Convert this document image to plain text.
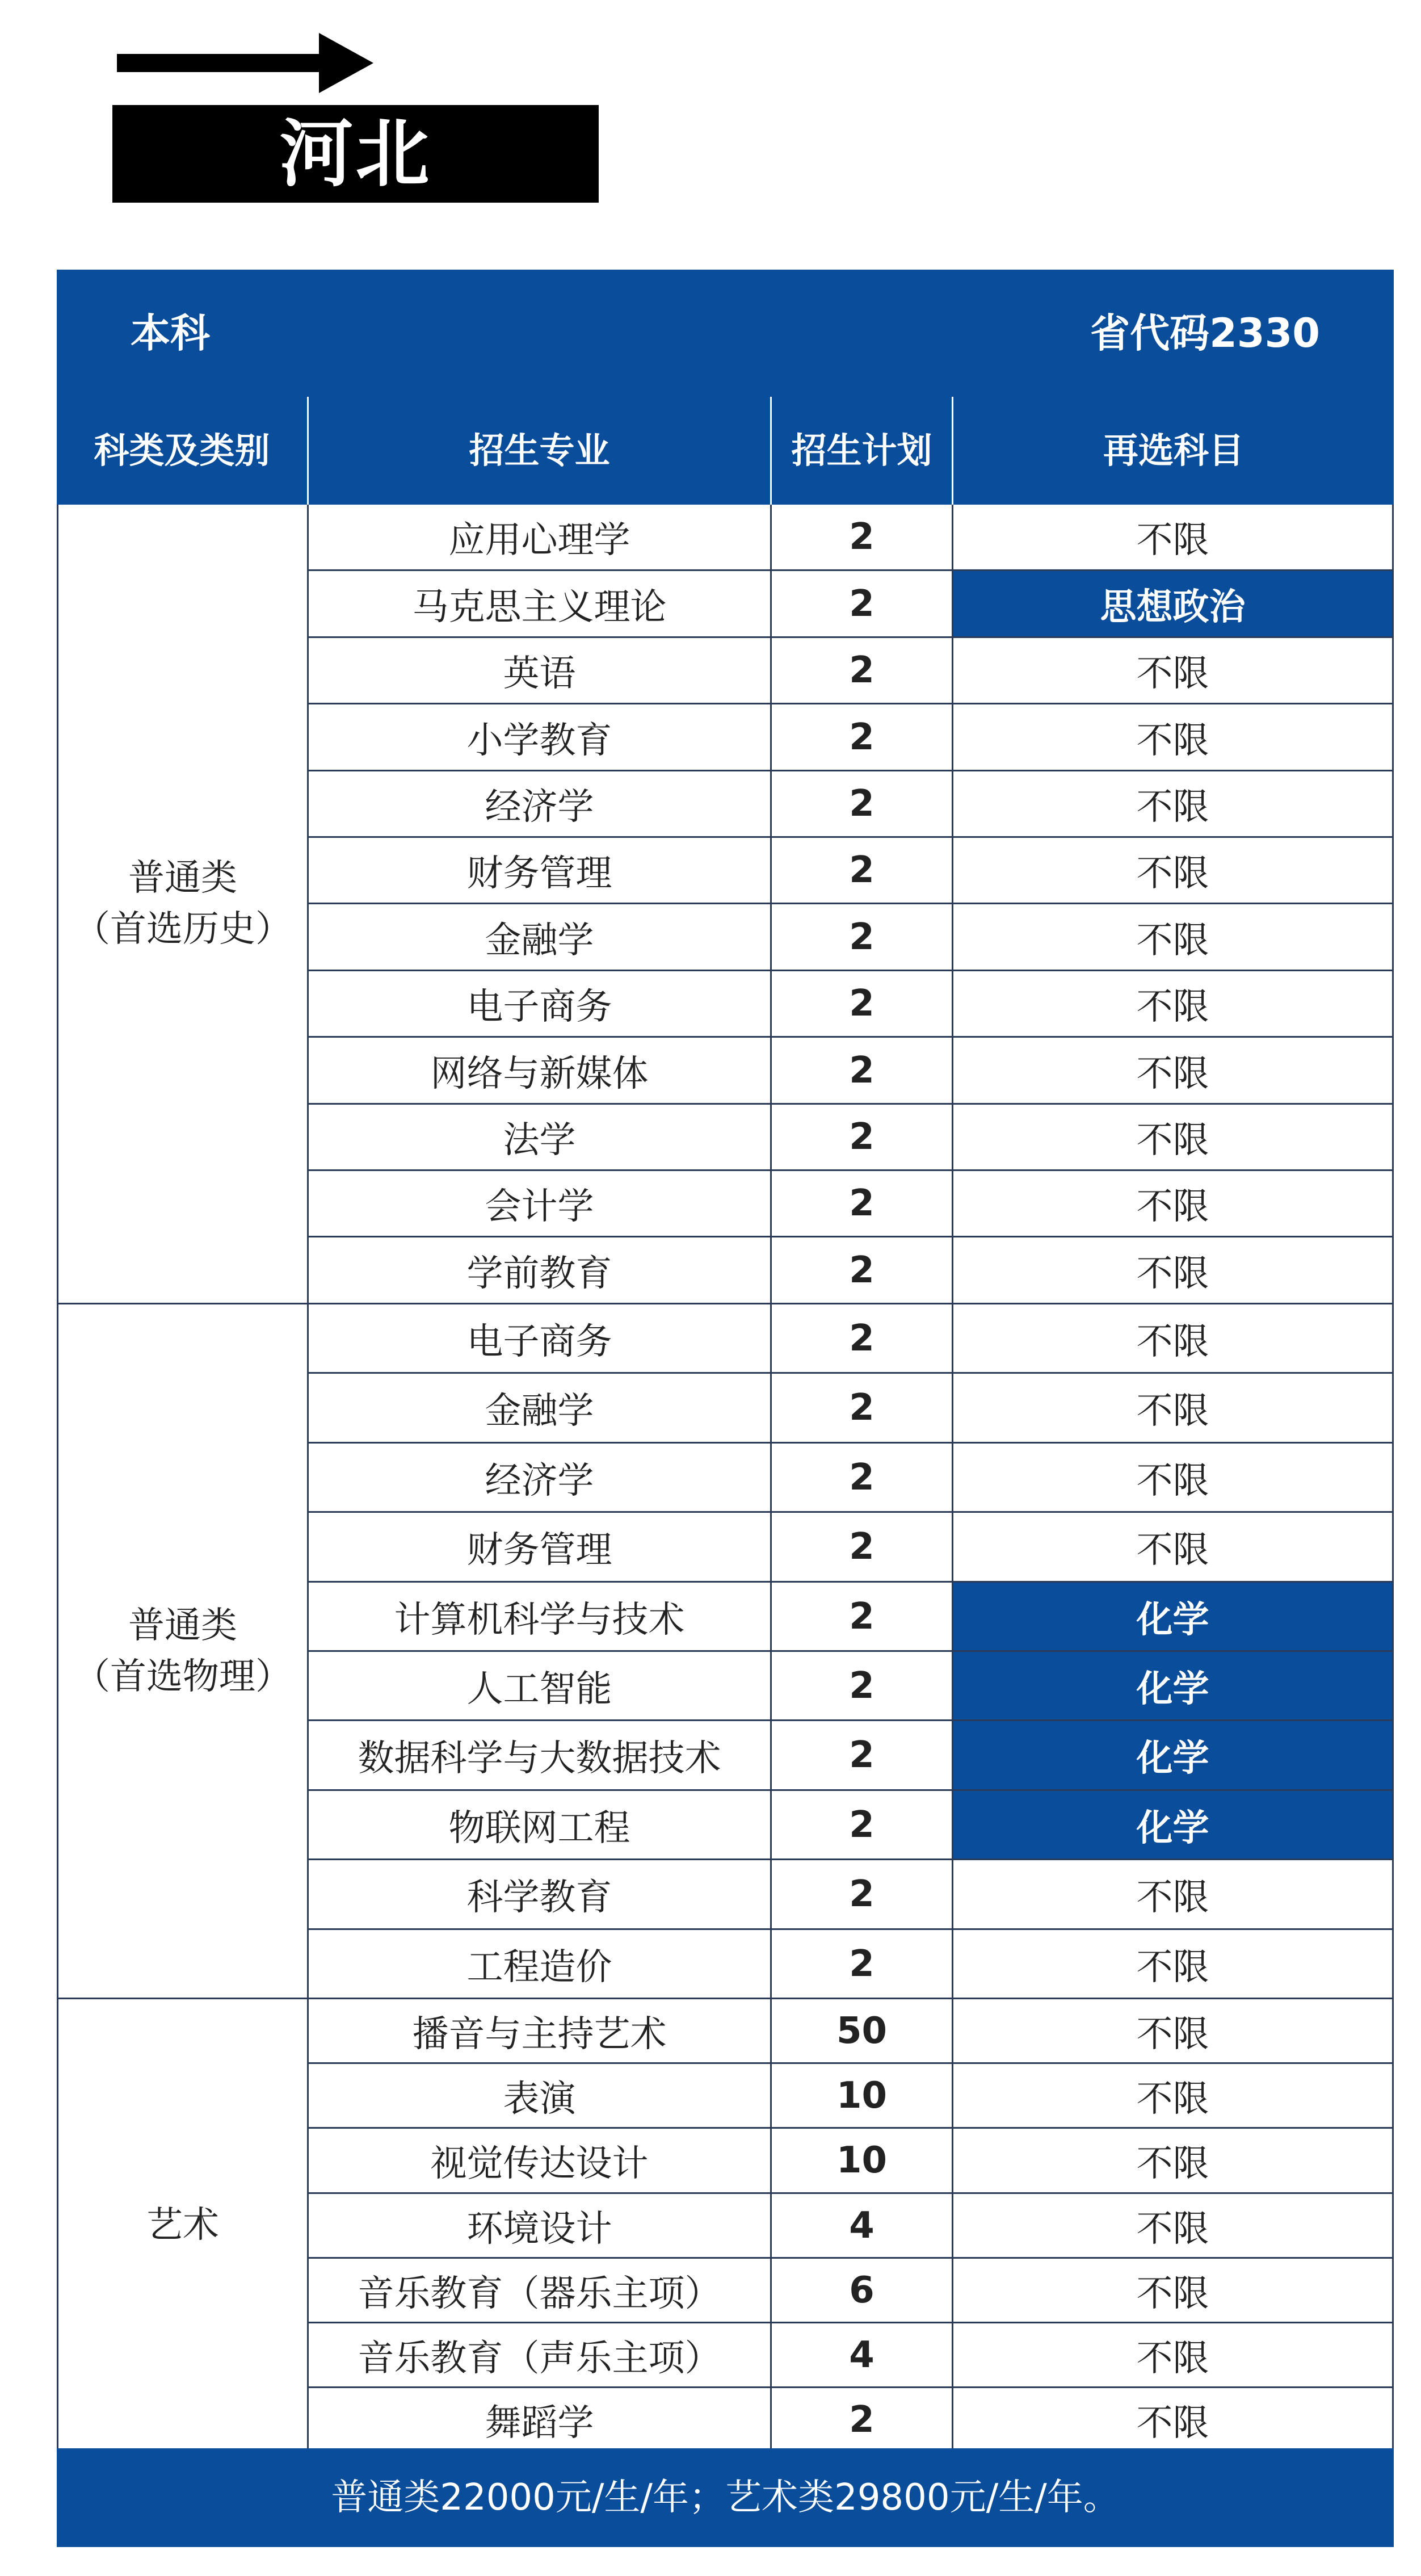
河北
本科	省代码2330
科类及类别	招生专业	招生计划	再选科目
普通类
（首选历史）
应用心理学	2	不限
马克思主义理论	2	思想政治
英语	2	不限
小学教育	2	不限
经济学	2	不限
财务管理	2	不限
金融学	2	不限
电子商务	2	不限
网络与新媒体	2	不限
法学	2	不限
会计学	2	不限
学前教育	2	不限
普通类
（首选物理）
电子商务	2	不限
金融学	2	不限
经济学	2	不限
财务管理	2	不限
计算机科学与技术	2	化学
人工智能	2	化学
数据科学与大数据技术	2	化学
物联网工程	2	化学
科学教育	2	不限
工程造价	2	不限
艺术
播音与主持艺术	50	不限
表演	10	不限
视觉传达设计	10	不限
环境设计	4	不限
音乐教育（器乐主项）	6	不限
音乐教育（声乐主项）	4	不限
舞蹈学	2	不限
普通类22000元/生/年；艺术类29800元/生/年。
